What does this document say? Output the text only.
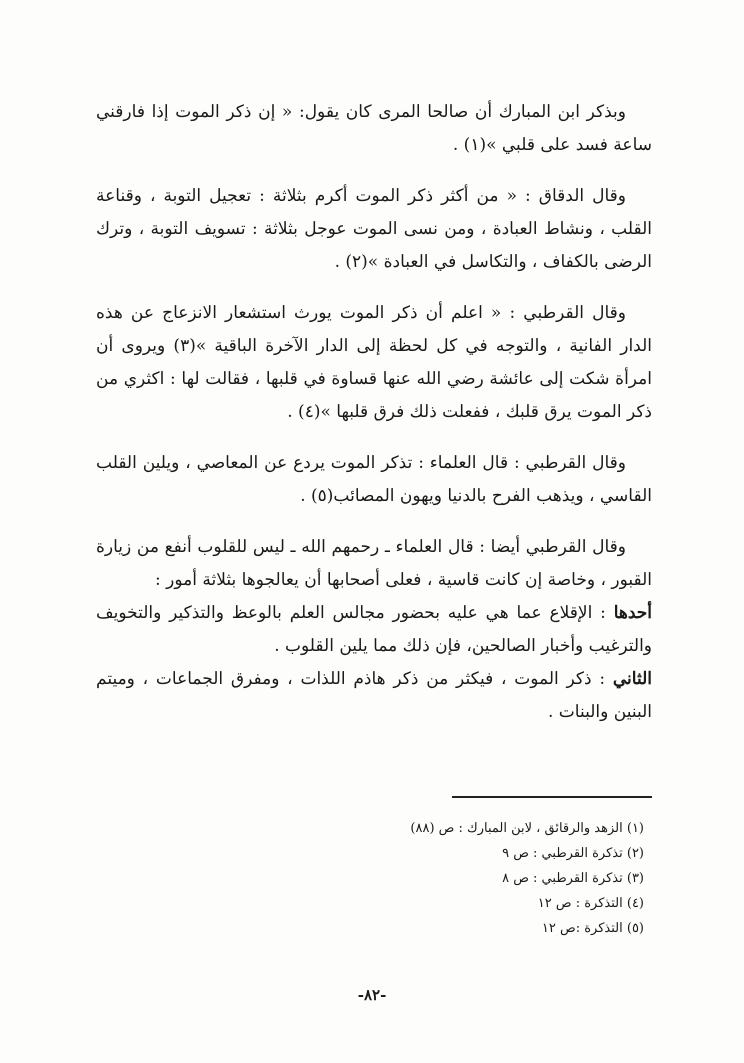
وبذكر ابن المبارك أن صالحا المرى كان يقول: « إن ذكر الموت إذا فارقني ساعة فسد على قلبي »(١) .

وقال الدقاق : « من أكثر ذكر الموت أكرم بثلاثة : تعجيل التوبة ، وقناعة القلب ، ونشاط العبادة ، ومن نسى الموت عوجل بثلاثة : تسويف التوبة ، وترك الرضى بالكفاف ، والتكاسل في العبادة »(٢) .

وقال القرطبي : « اعلم أن ذكر الموت يورث استشعار الانزعاج عن هذه الدار الفانية ، والتوجه في كل لحظة إلى الدار الآخرة الباقية »(٣) ويروى أن امرأة شكت إلى عائشة رضي الله عنها قساوة في قلبها ، فقالت لها : اكثري من ذكر الموت يرق قلبك ، ففعلت ذلك فرق قلبها »(٤) .

وقال القرطبي : قال العلماء : تذكر الموت يردع عن المعاصي ، ويلين القلب القاسي ، ويذهب الفرح بالدنيا ويهون المصائب(٥) .

وقال القرطبي أيضا : قال العلماء ـ رحمهم الله ـ ليس للقلوب أنفع من زيارة القبور ، وخاصة إن كانت قاسية ، فعلى أصحابها أن يعالجوها بثلاثة أمور :

أحدها : الإقلاع عما هي عليه بحضور مجالس العلم بالوعظ والتذكير والتخويف والترغيب وأخبار الصالحين، فإن ذلك مما يلين القلوب .

الثاني : ذكر الموت ، فيكثر من ذكر هاذم اللذات ، ومفرق الجماعات ، وميتم البنين والبنات .

(١) الزهد والرقائق ، لابن المبارك : ص (٨٨)
(٢) تذكرة القرطبي : ص ٩
(٣) تذكرة القرطبي : ص ٨
(٤) التذكرة : ص ١٢
(٥) التذكرة :ص ١٢
-٨٢-
